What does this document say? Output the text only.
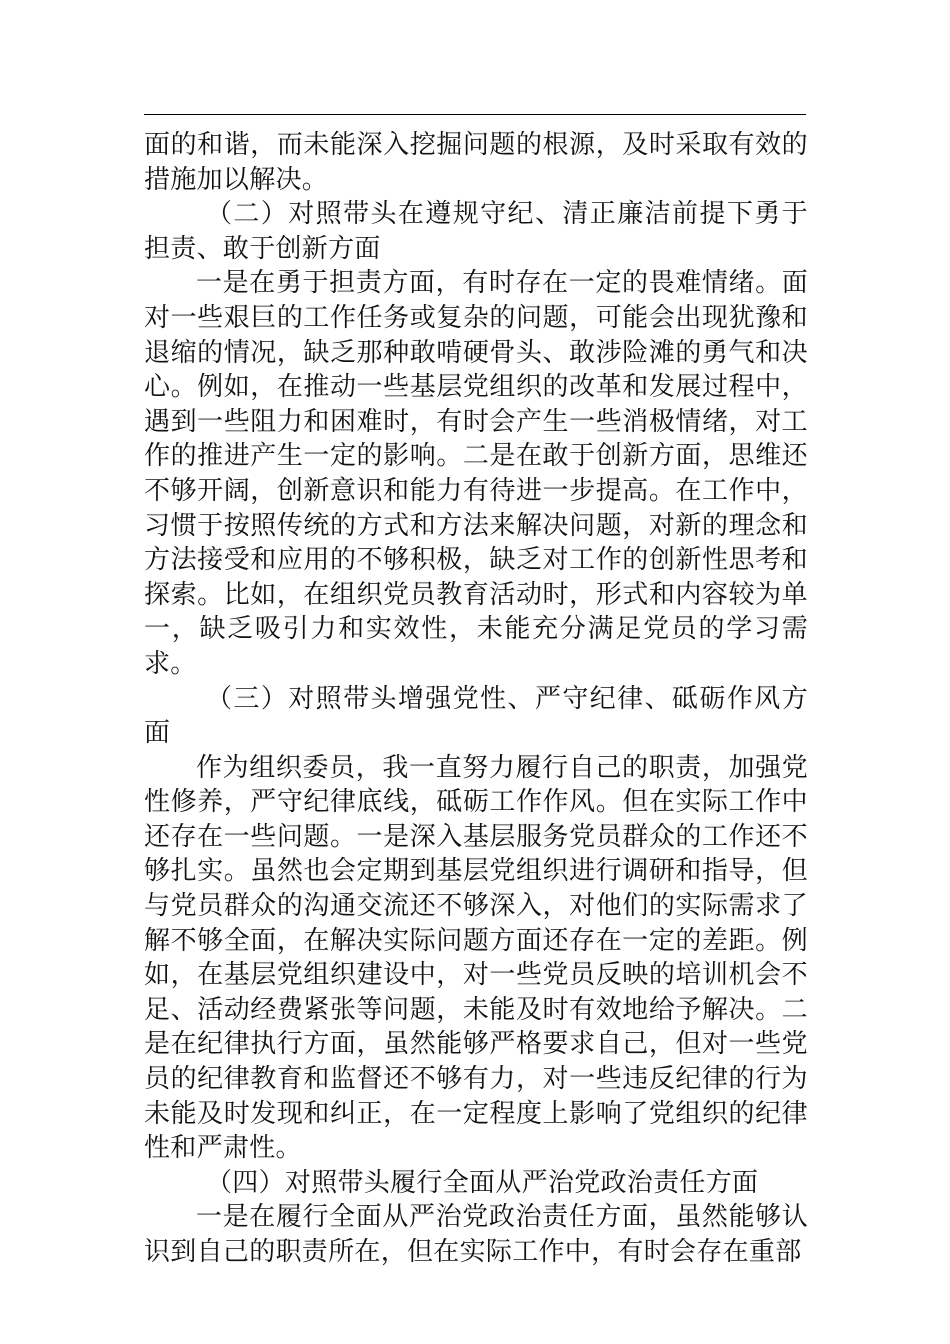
面的和谐，而未能深入挖掘问题的根源，及时采取有效的措施加以解决。

（二）对照带头在遵规守纪、清正廉洁前提下勇于担责、敢于创新方面

一是在勇于担责方面，有时存在一定的畏难情绪。面对一些艰巨的工作任务或复杂的问题，可能会出现犹豫和退缩的情况，缺乏那种敢啃硬骨头、敢涉险滩的勇气和决心。例如，在推动一些基层党组织的改革和发展过程中，遇到一些阻力和困难时，有时会产生一些消极情绪，对工作的推进产生一定的影响。二是在敢于创新方面，思维还不够开阔，创新意识和能力有待进一步提高。在工作中，习惯于按照传统的方式和方法来解决问题，对新的理念和方法接受和应用的不够积极，缺乏对工作的创新性思考和探索。比如，在组织党员教育活动时，形式和内容较为单一，缺乏吸引力和实效性，未能充分满足党员的学习需求。

（三）对照带头增强党性、严守纪律、砥砺作风方面

作为组织委员，我一直努力履行自己的职责，加强党性修养，严守纪律底线，砥砺工作作风。但在实际工作中还存在一些问题。一是深入基层服务党员群众的工作还不够扎实。虽然也会定期到基层党组织进行调研和指导，但与党员群众的沟通交流还不够深入，对他们的实际需求了解不够全面，在解决实际问题方面还存在一定的差距。例如，在基层党组织建设中，对一些党员反映的培训机会不足、活动经费紧张等问题，未能及时有效地给予解决。二是在纪律执行方面，虽然能够严格要求自己，但对一些党员的纪律教育和监督还不够有力，对一些违反纪律的行为未能及时发现和纠正，在一定程度上影响了党组织的纪律性和严肃性。

（四）对照带头履行全面从严治党政治责任方面

一是在履行全面从严治党政治责任方面，虽然能够认识到自己的职责所在，但在实际工作中，有时会存在重部
